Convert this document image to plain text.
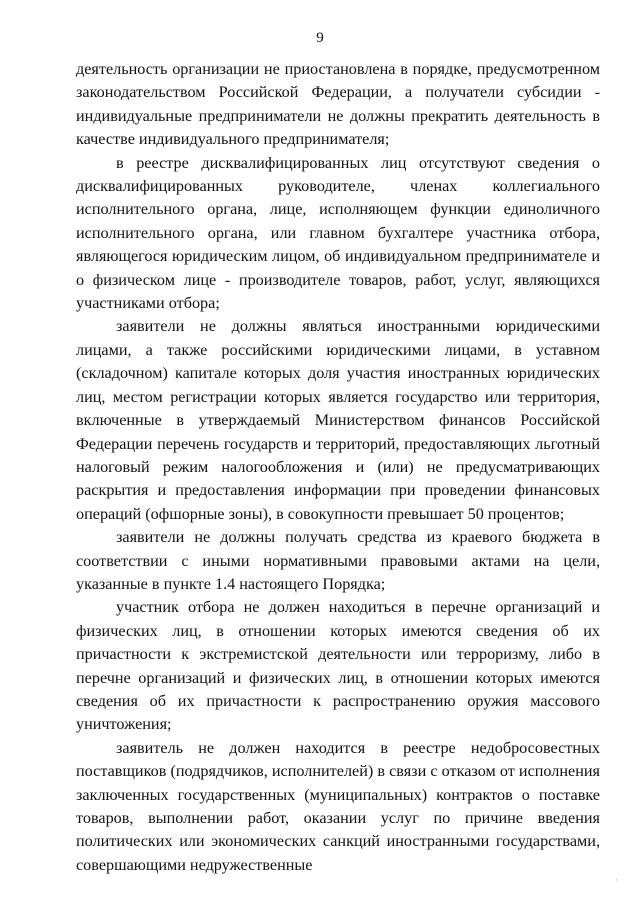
9

деятельность организации не приостановлена в порядке, предусмотренном законодательством Российской Федерации, а получатели субсидии - индивидуальные предприниматели не должны прекратить деятельность в качестве индивидуального предпринимателя;

в реестре дисквалифицированных лиц отсутствуют сведения о дисквалифицированных руководителе, членах коллегиального исполнительного органа, лице, исполняющем функции единоличного исполнительного органа, или главном бухгалтере участника отбора, являющегося юридическим лицом, об индивидуальном предпринимателе и о физическом лице - производителе товаров, работ, услуг, являющихся участниками отбора;

заявители не должны являться иностранными юридическими лицами, а также российскими юридическими лицами, в уставном (складочном) капитале которых доля участия иностранных юридических лиц, местом регистрации которых является государство или территория, включенные в утверждаемый Министерством финансов Российской Федерации перечень государств и территорий, предоставляющих льготный налоговый режим налогообложения и (или) не предусматривающих раскрытия и предоставления информации при проведении финансовых операций (офшорные зоны), в совокупности превышает 50 процентов;

заявители не должны получать средства из краевого бюджета в соответствии с иными нормативными правовыми актами на цели, указанные в пункте 1.4 настоящего Порядка;

участник отбора не должен находиться в перечне организаций и физических лиц, в отношении которых имеются сведения об их причастности к экстремистской деятельности или терроризму, либо в перечне организаций и физических лиц, в отношении которых имеются сведения об их причастности к распространению оружия массового уничтожения;

заявитель не должен находится в реестре недобросовестных поставщиков (подрядчиков, исполнителей) в связи с отказом от исполнения заключенных государственных (муниципальных) контрактов о поставке товаров, выполнении работ, оказании услуг по причине введения политических или экономических санкций иностранными государствами, совершающими недружественные

·
